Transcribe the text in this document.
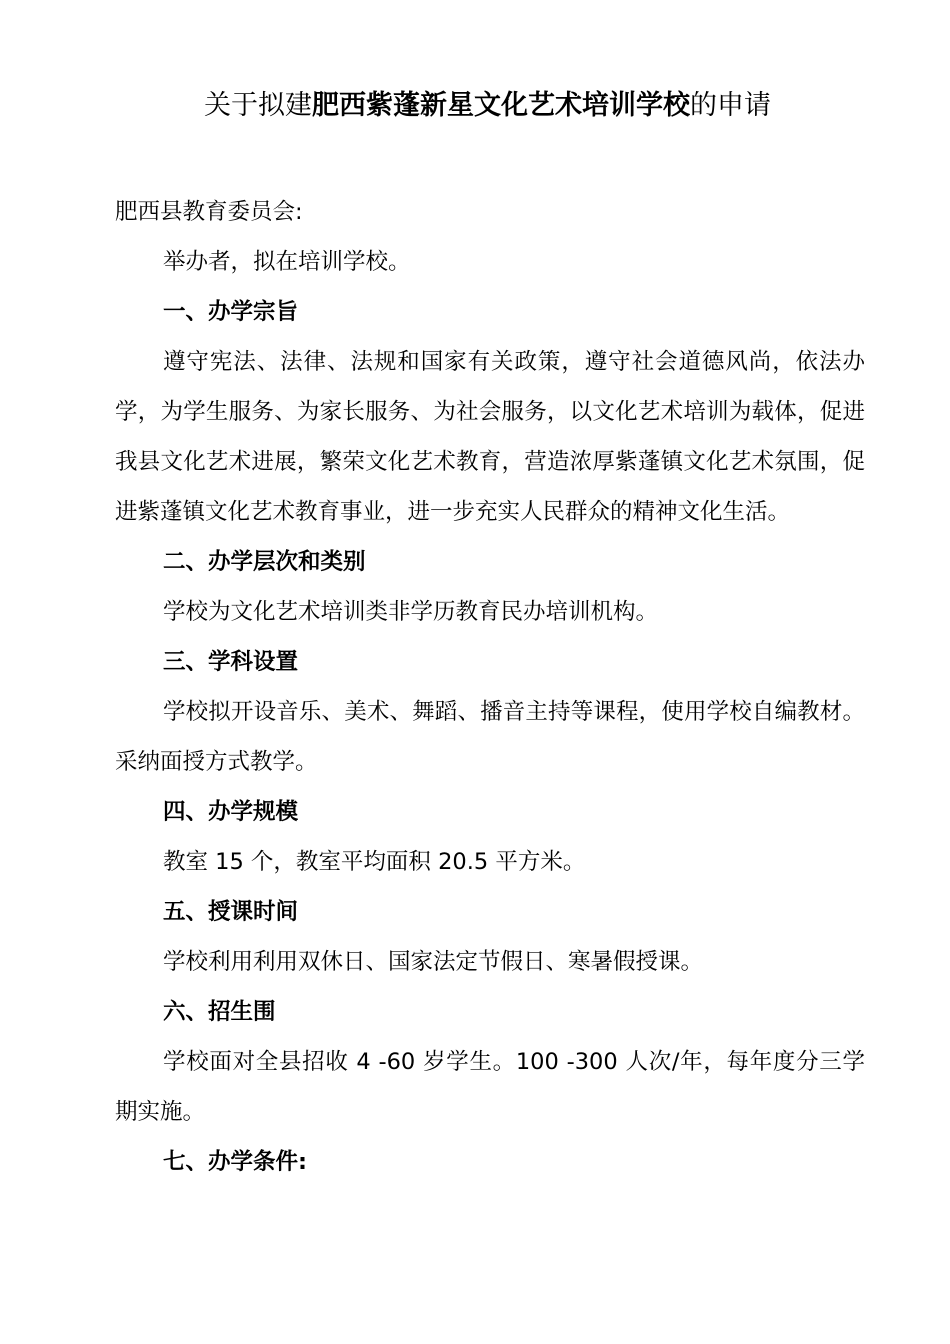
关于拟建肥西紫蓬新星文化艺术培训学校的申请

肥西县教育委员会:

举办者，拟在培训学校。

一、办学宗旨

遵守宪法、法律、法规和国家有关政策，遵守社会道德风尚，依法办学，为学生服务、为家长服务、为社会服务，以文化艺术培训为载体，促进我县文化艺术进展，繁荣文化艺术教育，营造浓厚紫蓬镇文化艺术氛围，促进紫蓬镇文化艺术教育事业，进一步充实人民群众的精神文化生活。

二、办学层次和类别

学校为文化艺术培训类非学历教育民办培训机构。

三、学科设置

学校拟开设音乐、美术、舞蹈、播音主持等课程，使用学校自编教材。采纳面授方式教学。

四、办学规模

教室 15 个，教室平均面积 20.5 平方米。

五、授课时间

学校利用利用双休日、国家法定节假日、寒暑假授课。

六、招生围

学校面对全县招收 4 -60 岁学生。100 -300 人次/年，每年度分三学期实施。

七、办学条件:
